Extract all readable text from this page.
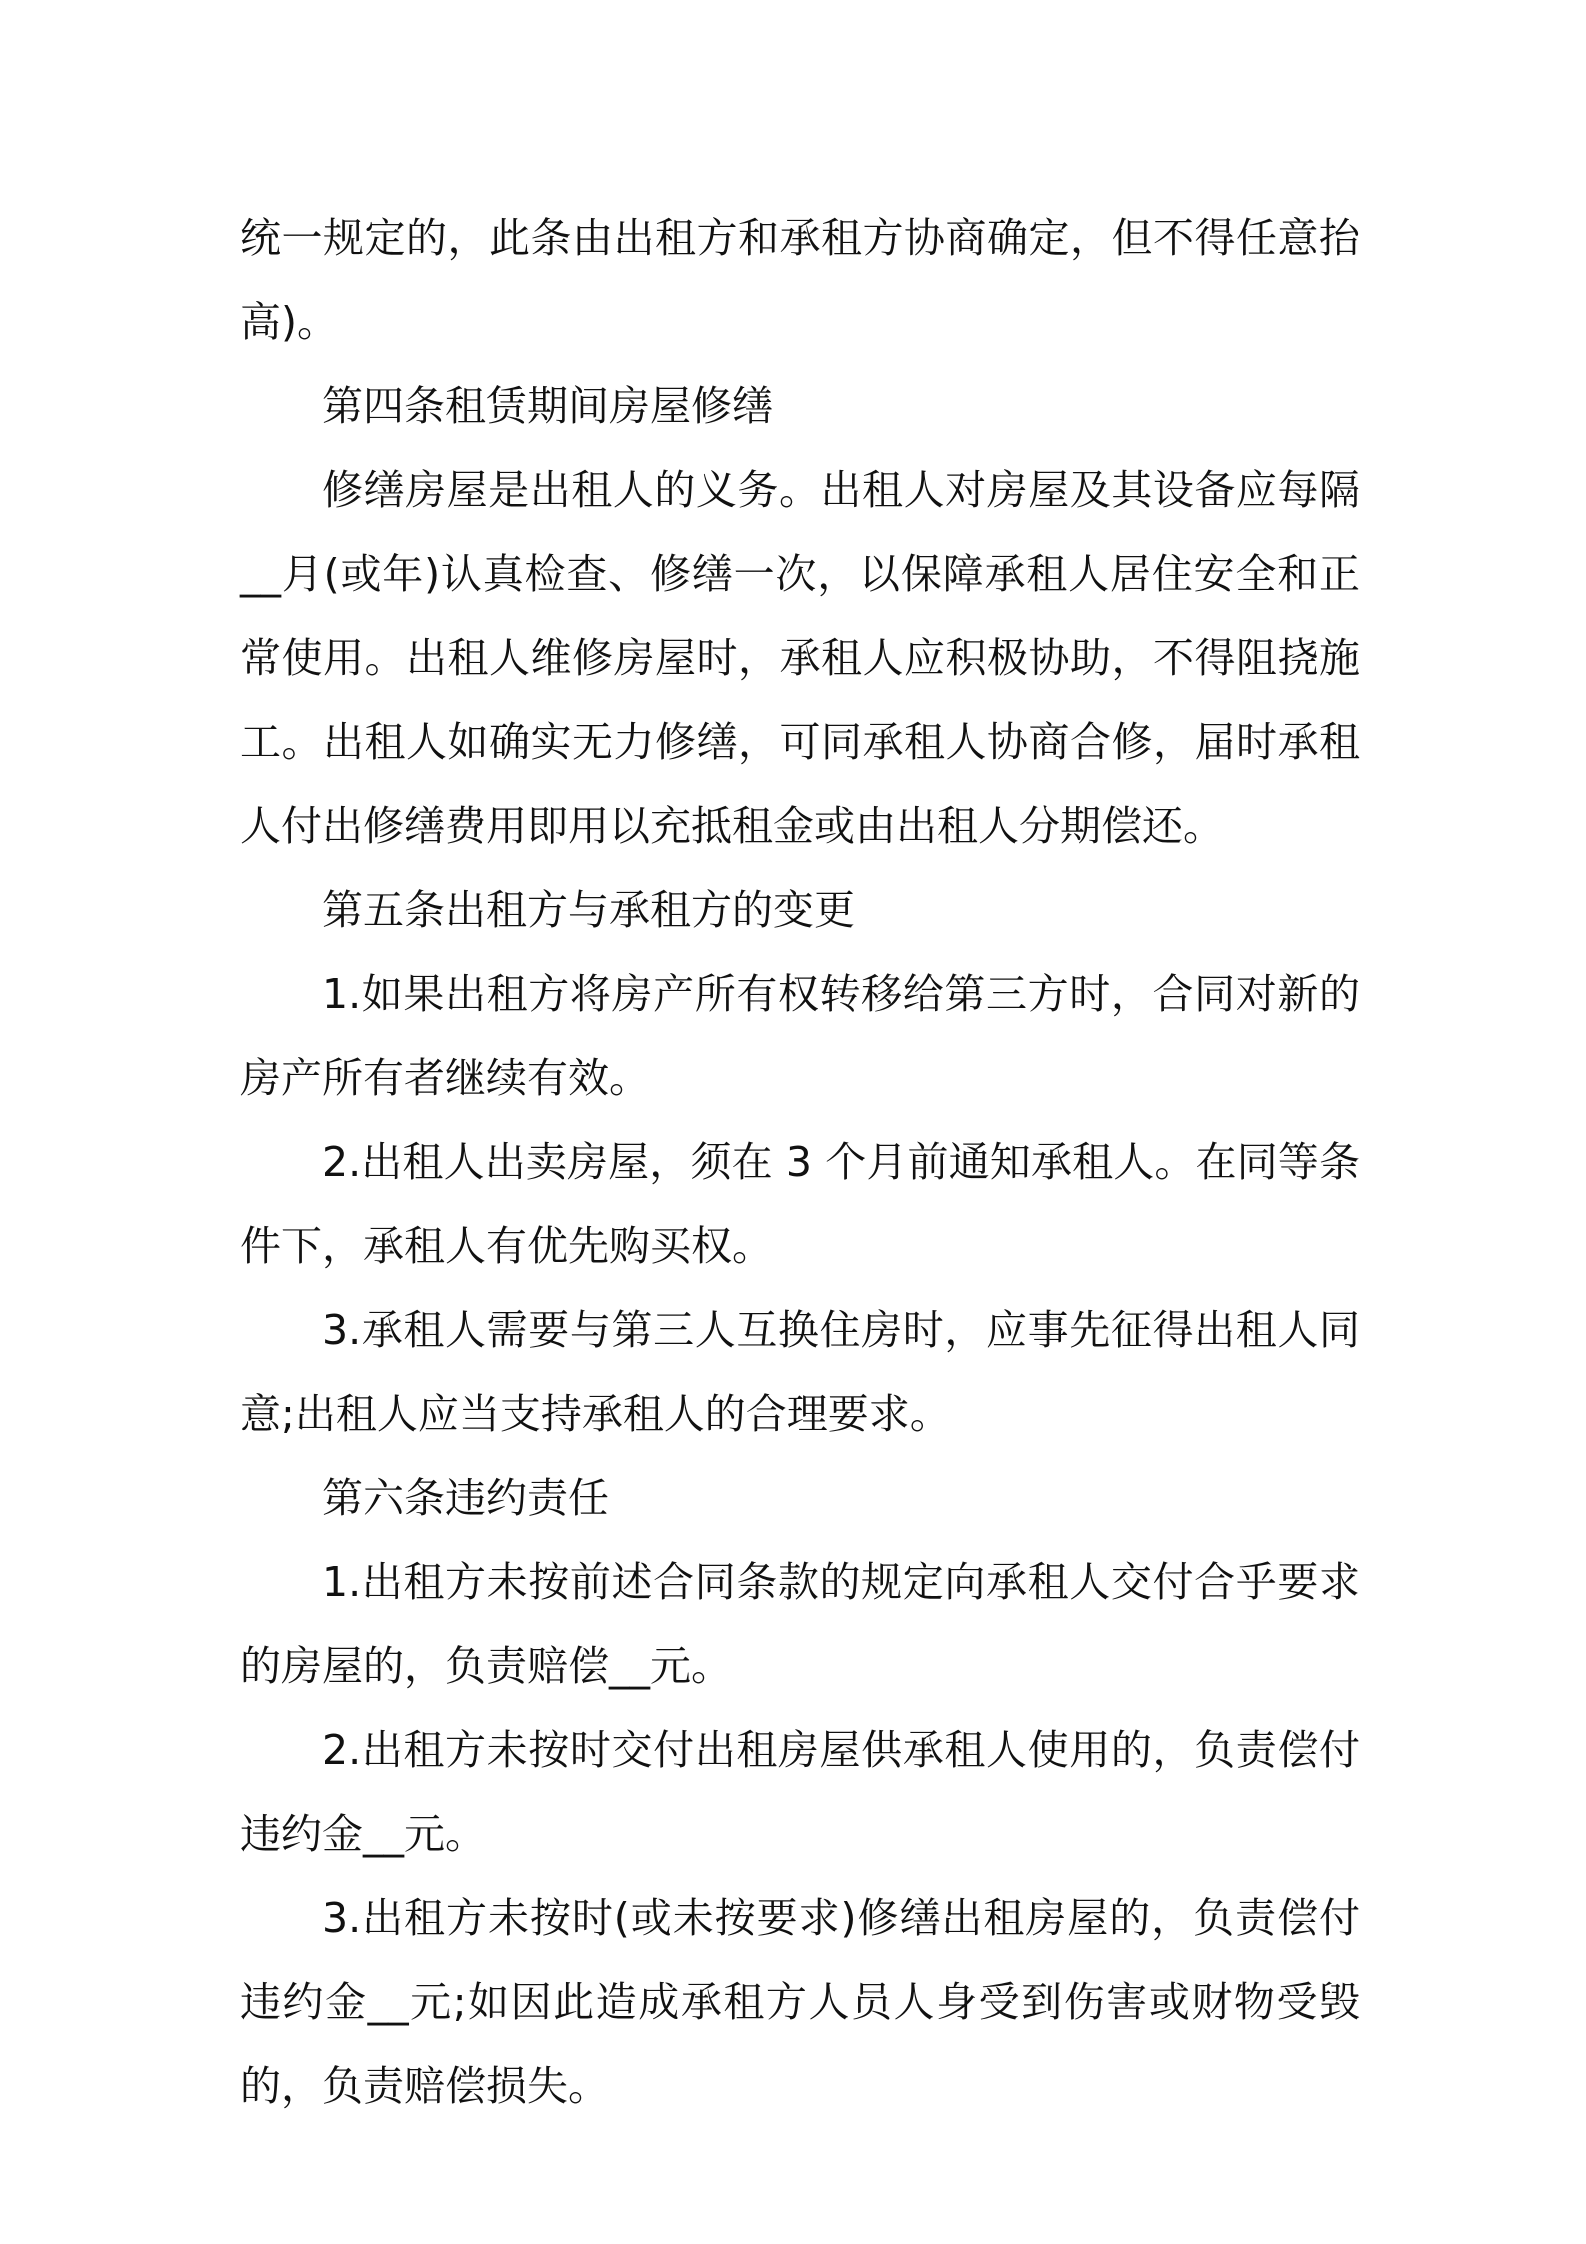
统一规定的，此条由出租方和承租方协商确定，但不得任意抬高)。

第四条租赁期间房屋修缮

修缮房屋是出租人的义务。出租人对房屋及其设备应每隔__月(或年)认真检查、修缮一次，以保障承租人居住安全和正常使用。出租人维修房屋时，承租人应积极协助，不得阻挠施工。出租人如确实无力修缮，可同承租人协商合修，届时承租人付出修缮费用即用以充抵租金或由出租人分期偿还。

第五条出租方与承租方的变更

1.如果出租方将房产所有权转移给第三方时，合同对新的房产所有者继续有效。

2.出租人出卖房屋，须在 3 个月前通知承租人。在同等条件下，承租人有优先购买权。

3.承租人需要与第三人互换住房时，应事先征得出租人同意;出租人应当支持承租人的合理要求。

第六条违约责任

1.出租方未按前述合同条款的规定向承租人交付合乎要求的房屋的，负责赔偿__元。

2.出租方未按时交付出租房屋供承租人使用的，负责偿付违约金__元。

3.出租方未按时(或未按要求)修缮出租房屋的，负责偿付违约金__元;如因此造成承租方人员人身受到伤害或财物受毁的，负责赔偿损失。
